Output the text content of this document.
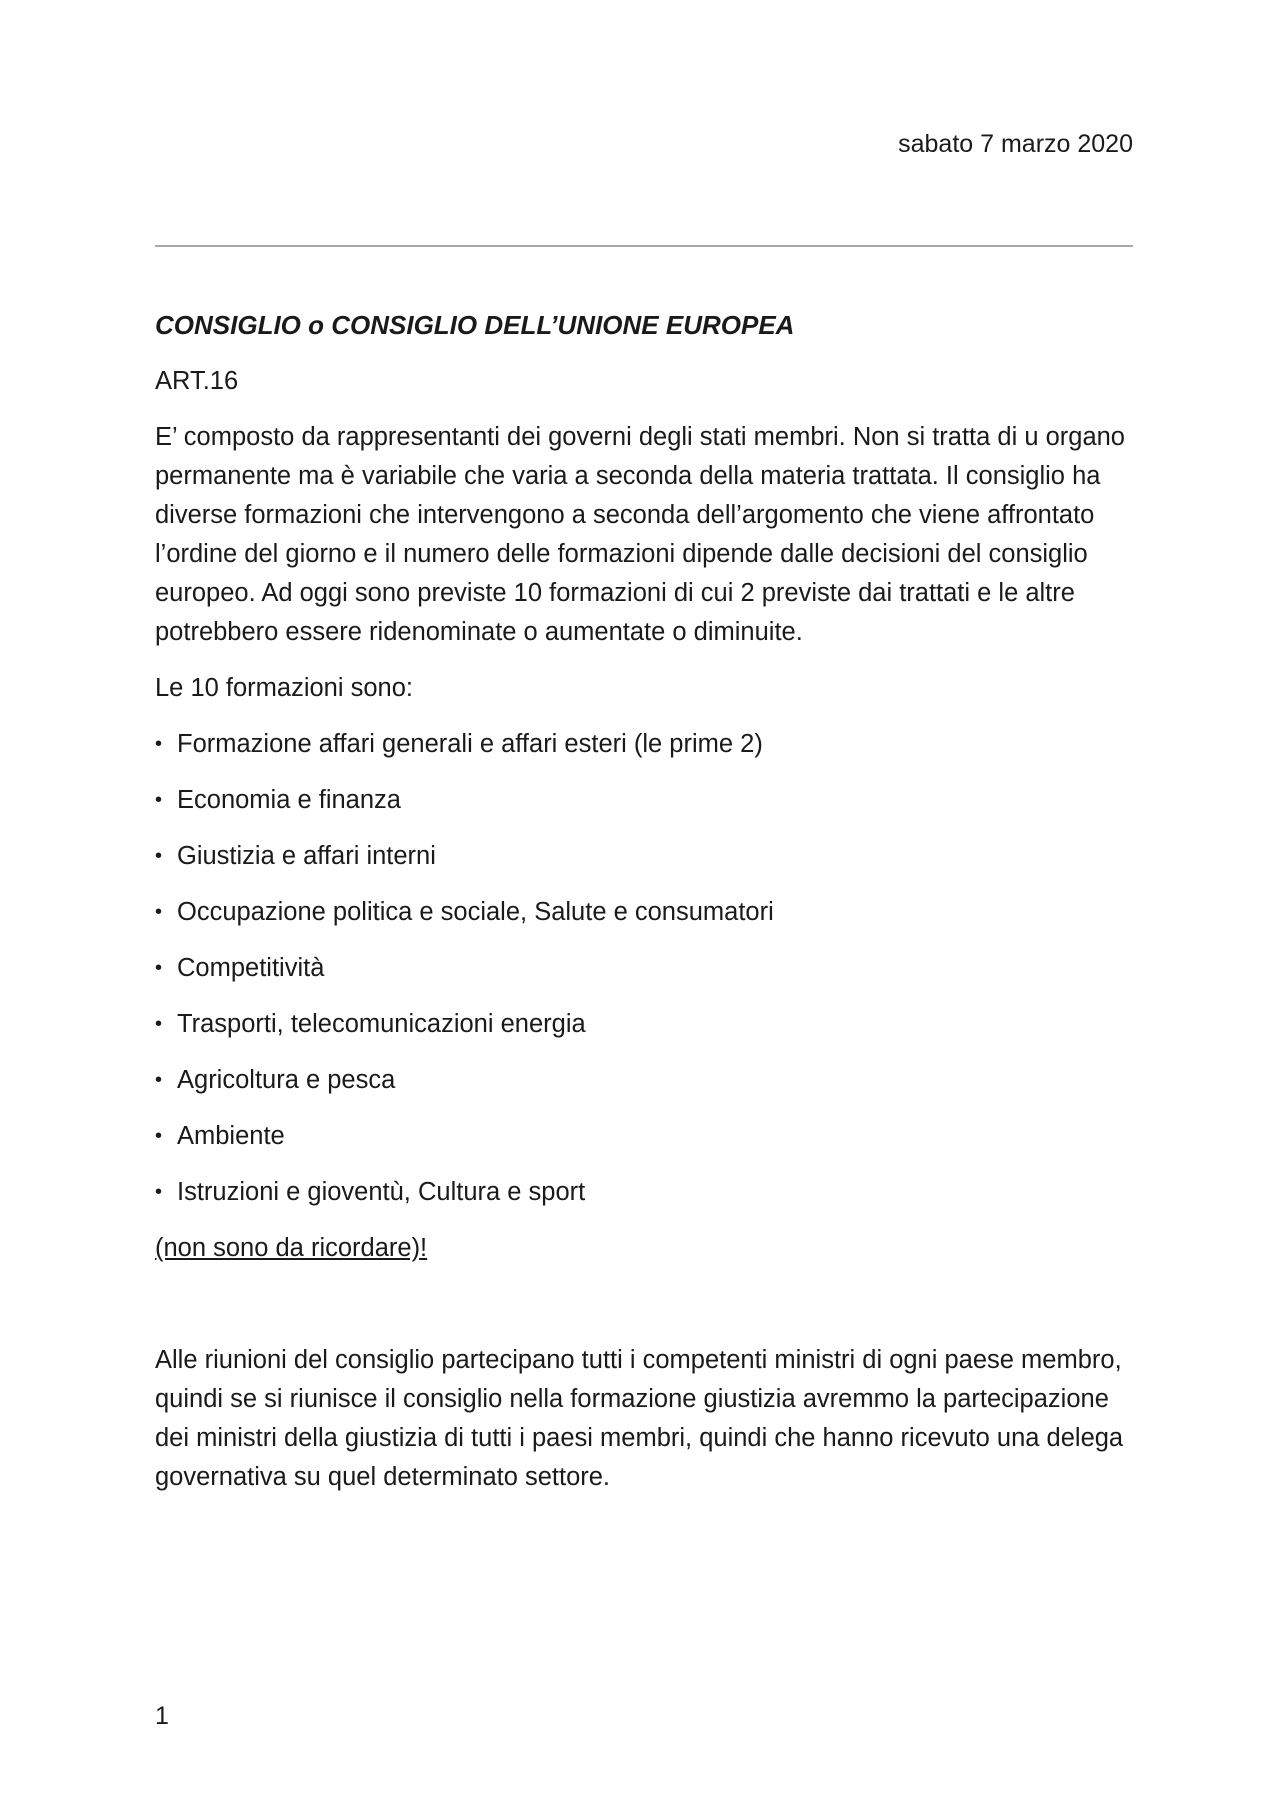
sabato 7 marzo 2020
CONSIGLIO o CONSIGLIO DELL’UNIONE EUROPEA
ART.16
E’ composto da rappresentanti dei governi degli stati membri. Non si tratta di u organo permanente ma è variabile che varia a seconda della materia trattata. Il consiglio ha diverse formazioni che intervengono a seconda dell’argomento che viene affrontato l’ordine del giorno e il numero delle formazioni dipende dalle decisioni del consiglio europeo. Ad oggi sono previste 10 formazioni di cui 2 previste dai trattati e le altre potrebbero essere ridenominate o aumentate o diminuite.
Le 10 formazioni sono:
• Formazione affari generali e affari esteri (le prime 2)
• Economia e finanza
• Giustizia e affari interni
• Occupazione politica e sociale, Salute e consumatori
• Competitività
• Trasporti, telecomunicazioni energia
• Agricoltura e pesca
• Ambiente
• Istruzioni e gioventù, Cultura e sport
(non sono da ricordare)!
Alle riunioni del consiglio partecipano tutti i competenti ministri di ogni paese membro, quindi se si riunisce il consiglio nella formazione giustizia avremmo la partecipazione dei ministri della giustizia di tutti i paesi membri, quindi che hanno ricevuto una delega governativa su quel determinato settore.
1
